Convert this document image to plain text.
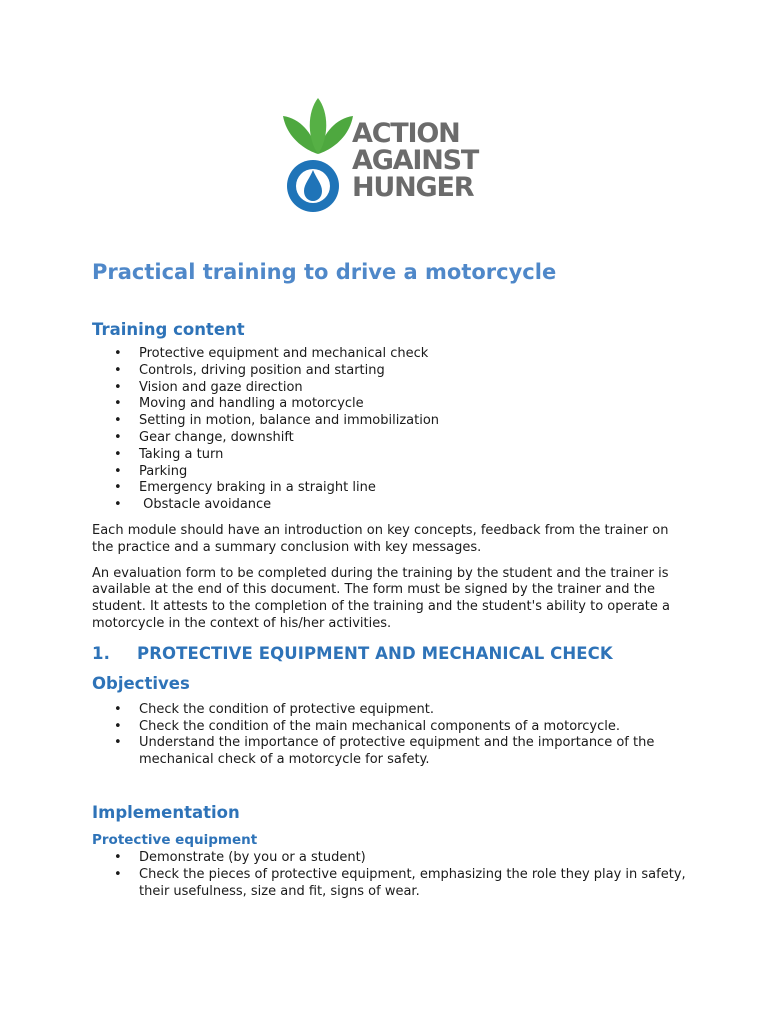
ACTION
AGAINST
HUNGER
Practical training to drive a motorcycle
Training content
• Protective equipment and mechanical check
• Controls, driving position and starting
• Vision and gaze direction
• Moving and handling a motorcycle
• Setting in motion, balance and immobilization
• Gear change, downshift
• Taking a turn
• Parking
• Emergency braking in a straight line
• Obstacle avoidance

Each module should have an introduction on key concepts, feedback from the trainer on the practice and a summary conclusion with key messages.

An evaluation form to be completed during the training by the student and the trainer is available at the end of this document. The form must be signed by the trainer and the student. It attests to the completion of the training and the student's ability to operate a motorcycle in the context of his/her activities.

1. PROTECTIVE EQUIPMENT AND MECHANICAL CHECK
Objectives
• Check the condition of protective equipment.
• Check the condition of the main mechanical components of a motorcycle.
• Understand the importance of protective equipment and the importance of the mechanical check of a motorcycle for safety.
Implementation
Protective equipment
• Demonstrate (by you or a student)
• Check the pieces of protective equipment, emphasizing the role they play in safety, their usefulness, size and fit, signs of wear.
